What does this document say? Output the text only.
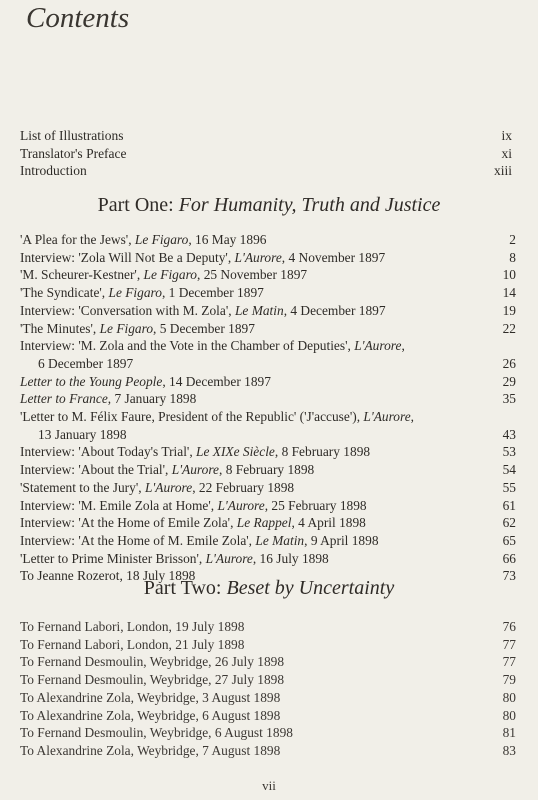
Contents
List of Illustrations	ix
Translator's Preface	xi
Introduction	xiii
Part One: For Humanity, Truth and Justice
'A Plea for the Jews', Le Figaro, 16 May 1896	2
Interview: 'Zola Will Not Be a Deputy', L'Aurore, 4 November 1897	8
'M. Scheurer-Kestner', Le Figaro, 25 November 1897	10
'The Syndicate', Le Figaro, 1 December 1897	14
Interview: 'Conversation with M. Zola', Le Matin, 4 December 1897	19
'The Minutes', Le Figaro, 5 December 1897	22
Interview: 'M. Zola and the Vote in the Chamber of Deputies', L'Aurore,
6 December 1897	26
Letter to the Young People, 14 December 1897	29
Letter to France, 7 January 1898	35
'Letter to M. Félix Faure, President of the Republic' ('J'accuse'), L'Aurore,
13 January 1898	43
Interview: 'About Today's Trial', Le XIXe Siècle, 8 February 1898	53
Interview: 'About the Trial', L'Aurore, 8 February 1898	54
'Statement to the Jury', L'Aurore, 22 February 1898	55
Interview: 'M. Emile Zola at Home', L'Aurore, 25 February 1898	61
Interview: 'At the Home of Emile Zola', Le Rappel, 4 April 1898	62
Interview: 'At the Home of M. Emile Zola', Le Matin, 9 April 1898	65
'Letter to Prime Minister Brisson', L'Aurore, 16 July 1898	66
To Jeanne Rozerot, 18 July 1898	73
Part Two: Beset by Uncertainty
To Fernand Labori, London, 19 July 1898	76
To Fernand Labori, London, 21 July 1898	77
To Fernand Desmoulin, Weybridge, 26 July 1898	77
To Fernand Desmoulin, Weybridge, 27 July 1898	79
To Alexandrine Zola, Weybridge, 3 August 1898	80
To Alexandrine Zola, Weybridge, 6 August 1898	80
To Fernand Desmoulin, Weybridge, 6 August 1898	81
To Alexandrine Zola, Weybridge, 7 August 1898	83
vii
